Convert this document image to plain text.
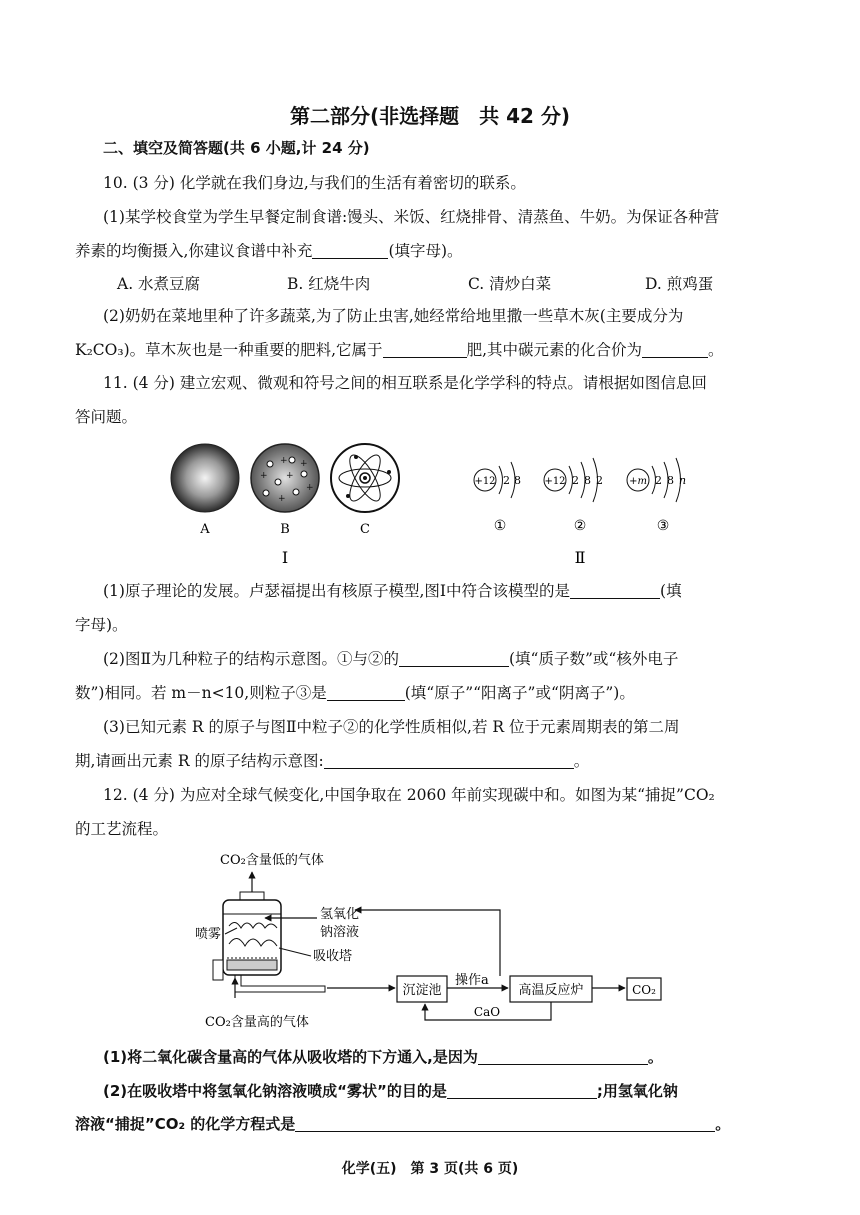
第二部分(非选择题　共 42 分)
二、填空及简答题(共 6 小题,计 24 分)
10. (3 分) 化学就在我们身边,与我们的生活有着密切的联系。
(1)某学校食堂为学生早餐定制食谱:馒头、米饭、红烧排骨、清蒸鱼、牛奶。为保证各种营
养素的均衡摄入,你建议食谱中补充	(填字母)。
A. 水煮豆腐	B. 红烧牛肉	C. 清炒白菜	D. 煎鸡蛋
(2)奶奶在菜地里种了许多蔬菜,为了防止虫害,她经常给地里撒一些草木灰(主要成分为
K₂CO₃)。草木灰也是一种重要的肥料,它属于	肥,其中碳元素的化合价为	。
11. (4 分) 建立宏观、微观和符号之间的相互联系是化学学科的特点。请根据如图信息回
答问题。
+
+ +
+
+
+
A	B	C
Ⅰ
+12 2 8 +12 2 8 2	+m 2 8 n
①	②	③
Ⅱ
(1)原子理论的发展。卢瑟福提出有核原子模型,图Ⅰ中符合该模型的是	(填
字母)。
(2)图Ⅱ为几种粒子的结构示意图。①与②的	(填“质子数”或“核外电子
数”)相同。若 m－n<10,则粒子③是	(填“原子”“阳离子”或“阴离子”)。
(3)已知元素 R 的原子与图Ⅱ中粒子②的化学性质相似,若 R 位于元素周期表的第二周
期,请画出元素 R 的原子结构示意图:	。
12. (4 分) 为应对全球气候变化,中国争取在 2060 年前实现碳中和。如图为某“捕捉”CO₂
的工艺流程。
CO₂含量低的气体
喷雾
氢氧化
钠溶液
吸收塔
CO₂含量高的气体
沉淀池
操作a
高温反应炉	CO₂
CaO
(1)将二氧化碳含量高的气体从吸收塔的下方通入,是因为	。
(2)在吸收塔中将氢氧化钠溶液喷成“雾状”的目的是	;用氢氧化钠
溶液“捕捉”CO₂ 的化学方程式是	。
化学(五)　第 3 页(共 6 页)
